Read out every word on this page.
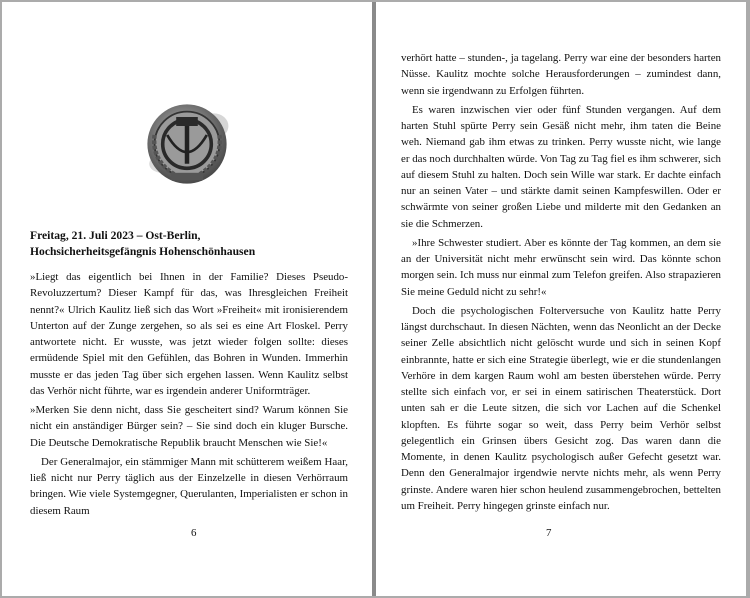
Freitag, 21. Juli 2023 – Ost-Berlin,
Hochsicherheitsgefängnis Hohenschönhausen

»Liegt das eigentlich bei Ihnen in der Familie? Dieses Pseudo-Revoluzzertum? Dieser Kampf für das, was Ihresgleichen Freiheit nennt?« Ulrich Kaulitz ließ sich das Wort »Freiheit« mit ironisierendem Unterton auf der Zunge zergehen, so als sei es eine Art Floskel. Perry antwortete nicht. Er wusste, was jetzt wieder folgen sollte: dieses ermüdende Spiel mit den Gefühlen, das Bohren in Wunden. Immerhin musste er das jeden Tag über sich ergehen lassen. Wenn Kaulitz selbst das Verhör nicht führte, war es irgendein anderer Uniformträger.

»Merken Sie denn nicht, dass Sie gescheitert sind? Warum können Sie nicht ein anständiger Bürger sein? – Sie sind doch ein kluger Bursche. Die Deutsche Demokratische Republik braucht Menschen wie Sie!«

Der Generalmajor, ein stämmiger Mann mit schütterem weißem Haar, ließ nicht nur Perry täglich aus der Einzelzelle in diesen Verhörraum bringen. Wie viele Systemgegner, Querulanten, Imperialisten er schon in diesem Raum

6

verhört hatte – stunden-, ja tagelang. Perry war eine der besonders harten Nüsse. Kaulitz mochte solche Herausforderungen – zumindest dann, wenn sie irgendwann zu Erfolgen führten.

Es waren inzwischen vier oder fünf Stunden vergangen. Auf dem harten Stuhl spürte Perry sein Gesäß nicht mehr, ihm taten die Beine weh. Niemand gab ihm etwas zu trinken. Perry wusste nicht, wie lange er das noch durchhalten würde. Von Tag zu Tag fiel es ihm schwerer, sich auf diesem Stuhl zu halten. Doch sein Wille war stark. Er dachte einfach nur an seinen Vater – und stärkte damit seinen Kampfeswillen. Oder er schwärmte von seiner großen Liebe und milderte mit den Gedanken an sie die Schmerzen.

»Ihre Schwester studiert. Aber es könnte der Tag kommen, an dem sie an der Universität nicht mehr erwünscht sein wird. Das könnte schon morgen sein. Ich muss nur einmal zum Telefon greifen. Also strapazieren Sie meine Geduld nicht zu sehr!«

Doch die psychologischen Folterversuche von Kaulitz hatte Perry längst durchschaut. In diesen Nächten, wenn das Neonlicht an der Decke seiner Zelle absichtlich nicht gelöscht wurde und sich in seinen Kopf einbrannte, hatte er sich eine Strategie überlegt, wie er die stundenlangen Verhöre in dem kargen Raum wohl am besten überstehen würde. Perry stellte sich einfach vor, er sei in einem satirischen Theaterstück. Dort unten sah er die Leute sitzen, die sich vor Lachen auf die Schenkel klopften. Es führte sogar so weit, dass Perry beim Verhör selbst gelegentlich ein Grinsen übers Gesicht zog. Das waren dann die Momente, in denen Kaulitz psychologisch außer Gefecht gesetzt war. Denn den Generalmajor irgendwie nervte nichts mehr, als wenn Perry grinste. Andere waren hier schon heulend zusammengebrochen, bettelten um Freiheit. Perry hingegen grinste einfach nur.

7
